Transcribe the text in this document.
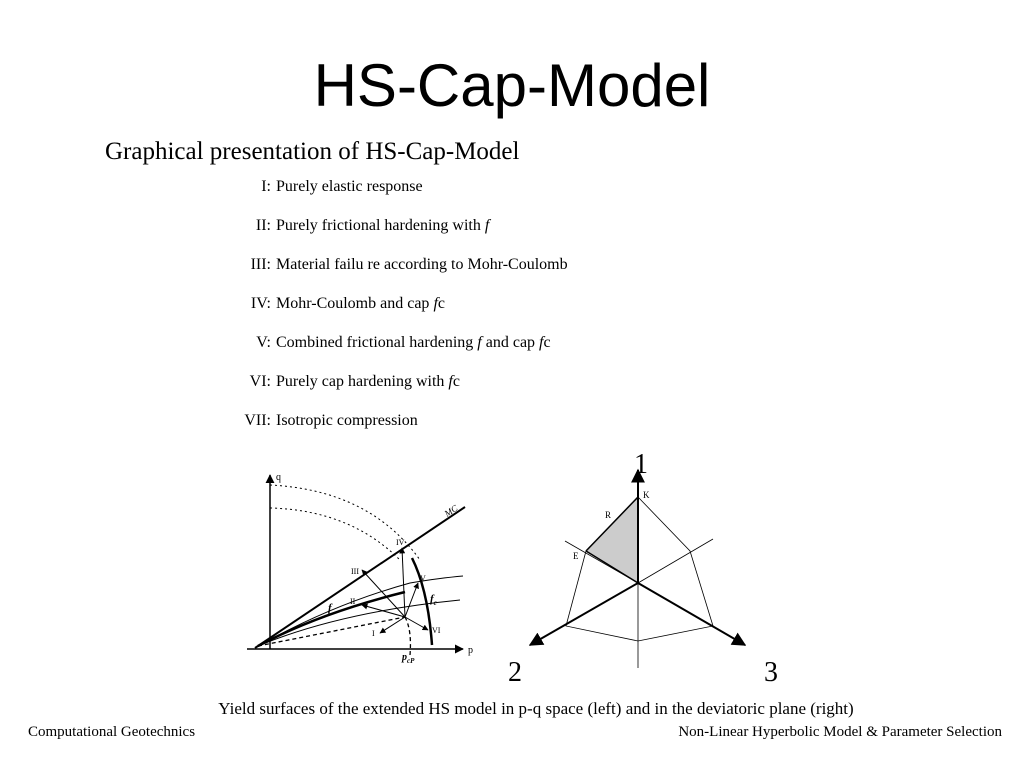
HS-Cap-Model
Graphical presentation of HS-Cap-Model
I: Purely elastic response
II: Purely frictional hardening with f
III: Material failu re according to Mohr-Coulomb
IV: Mohr-Coulomb and cap fc
V: Combined frictional hardening f and cap fc
VI: Purely cap hardening with fc
VII: Isotropic compression
q
p
MC
IV
III
II
V
VI
I
f
$f_c$
$p_{cP}$
1
2	3
K
R
E
Yield surfaces of the extended HS model in p-q space (left) and in the deviatoric plane (right)
Computational Geotechnics	Non-Linear Hyperbolic Model & Parameter Selection
